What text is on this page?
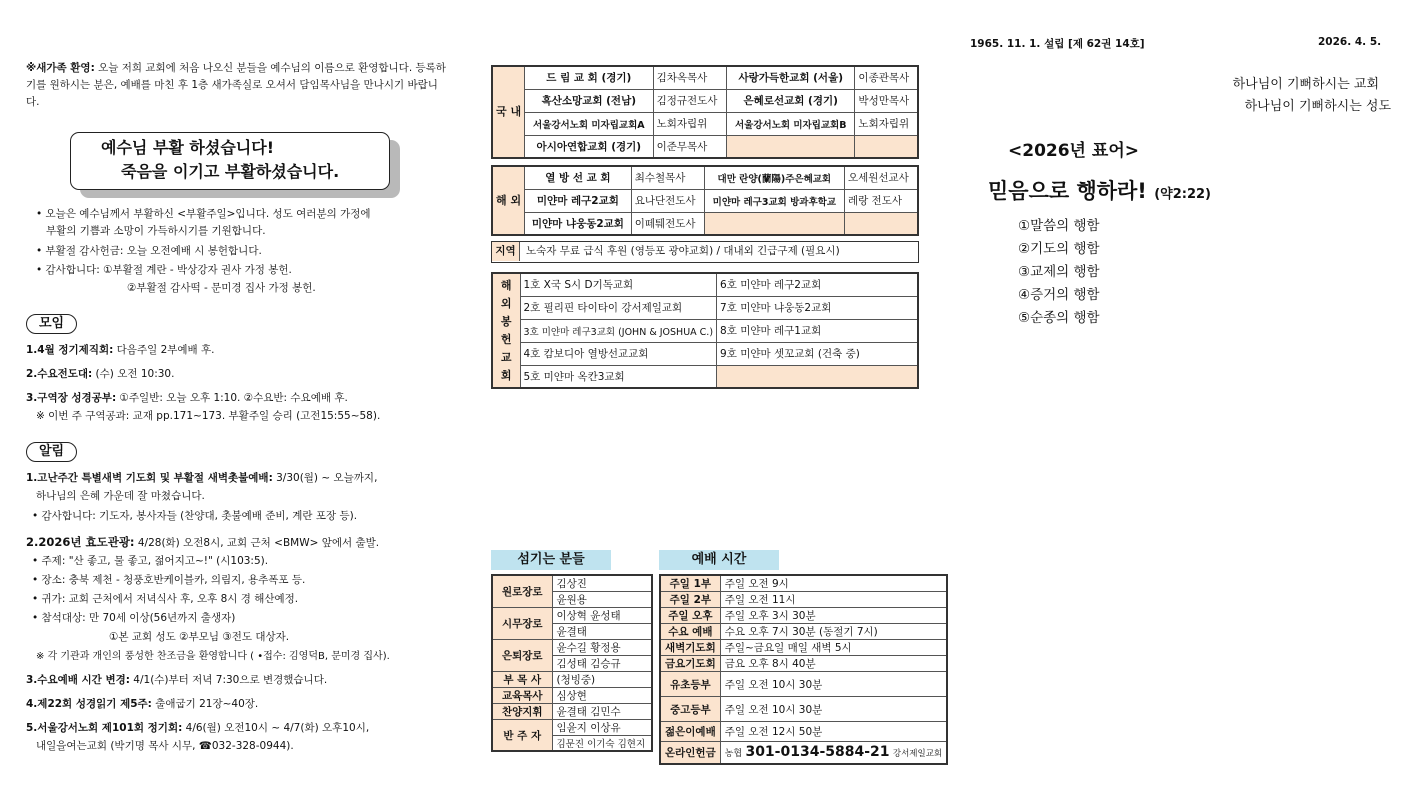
1965. 11. 1. 설립 [제 62권 14호]	2026. 4. 5.
하나님이 기뻐하시는 교회
하나님이 기뻐하시는 성도
<2026년 표어>
믿음으로 행하라! (약2:22)
①말씀의 행함
②기도의 행함
③교제의 행함
④증거의 행함
⑤순종의 행함
※새가족 환영: 오늘 저희 교회에 처음 나오신 분들을 예수님의 이름으로 환영합니다. 등록하기를 원하시는 분은, 예배를 마친 후 1층 새가족실로 오셔서 담임목사님을 만나시기 바랍니다.
예수님 부활 하셨습니다!
죽음을 이기고 부활하셨습니다.
• 오늘은 예수님께서 부활하신 <부활주일>입니다. 성도 여러분의 가정에
부활의 기쁨과 소망이 가득하시기를 기원합니다.
• 부활절 감사헌금: 오늘 오전예배 시 봉헌합니다.
• 감사합니다: ①부활절 계란 - 박상강자 권사 가정 봉헌.
②부활절 감사떡 - 문미경 집사 가정 봉헌.
모임
1.4월 정기제직회: 다음주일 2부예배 후.
2.수요전도대: (수) 오전 10:30.
3.구역장 성경공부: ①주일반: 오늘 오후 1:10. ②수요반: 수요예배 후.
※ 이번 주 구역공과: 교재 pp.171~173. 부활주일 승리 (고전15:55~58).
알림
1.고난주간 특별새벽 기도회 및 부활절 새벽촛불예배: 3/30(월) ~ 오늘까지,
하나님의 은혜 가운데 잘 마쳤습니다.
• 감사합니다: 기도자, 봉사자들 (찬양대, 촛불예배 준비, 계란 포장 등).
2.2026년 효도관광: 4/28(화) 오전8시, 교회 근처 <BMW> 앞에서 출발.
• 주제: "산 좋고, 물 좋고, 젊어지고~!" (시103:5).
• 장소: 충북 제천 - 청풍호반케이블카, 의림지, 용추폭포 등.
• 귀가: 교회 근처에서 저녁식사 후, 오후 8시 경 해산예정.
• 참석대상: 만 70세 이상(56년까지 출생자)
①본 교회 성도 ②부모님 ③전도 대상자.
※ 각 기관과 개인의 풍성한 찬조금을 환영합니다 ( •접수: 김영덕B, 문미경 집사).
3.수요예배 시간 변경: 4/1(수)부터 저녁 7:30으로 변경했습니다.
4.제22회 성경읽기 제5주: 출애굽기 21장~40장.
5.서울강서노회 제101회 정기회: 4/6(월) 오전10시 ~ 4/7(화) 오후10시,
내일을여는교회 (박기명 목사 시무, ☎032-328-0944).
국 내	드 림 교 회 (경기)	김차옥목사	사랑가득한교회 (서울)	이종관목사
	흑산소망교회 (전남)	김정규전도사	은혜로선교회 (경기)	박성만목사
	서울강서노회 미자립교회A	노회자립위	서울강서노회 미자립교회B	노회자립위
	아시아연합교회 (경기)	이준무목사		
해 외	열 방 선 교 회	최수철목사	대만 란양(蘭陽)주은혜교회	오세원선교사
	미얀마 레구2교회	요나단전도사	미얀마 레구3교회 방과후학교	레랑 전도사
	미얀마 냐웅동2교회	이떼퉤전도사		
지역 노숙자 무료 급식 후원 (영등포 광야교회) / 대내외 긴급구제 (필요시)
해 외 봉 헌 교 회	1호 X국 S시 D기독교회	6호 미얀마 레구2교회
	2호 필리핀 타이타이 강서제일교회	7호 미얀마 냐웅동2교회
	3호 미얀마 레구3교회 (JOHN & JOSHUA C.)	8호 미얀마 레구1교회
	4호 캄보디아 열방선교교회	9호 미얀마 셋꼬교회 (건축 중)
	5호 미얀마 옥칸3교회	
섬기는 분들
원로장로	김상진
	윤원용
시무장로	이상혁 윤성태
	윤결태
은퇴장로	윤수길 황정용
	김성태 김승규
부 목 사	(청빙중)
교육목사	심상현
찬양지휘	윤결태 김민수
반 주 자	임윤지 이상유
	김문진 이기숙 김현지
예배 시간
주일 1부	주일 오전 9시
주일 2부	주일 오전 11시
주일 오후	주일 오후 3시 30분
수요 예배	수요 오후 7시 30분 (동절기 7시)
새벽기도회	주일~금요일 매일 새벽 5시
금요기도회	금요 오후 8시 40분
유초등부	주일 오전 10시 30분
중고등부	주일 오전 10시 30분
젊은이예배	주일 오전 12시 50분
온라인헌금	농협 301-0134-5884-21 강서제일교회
